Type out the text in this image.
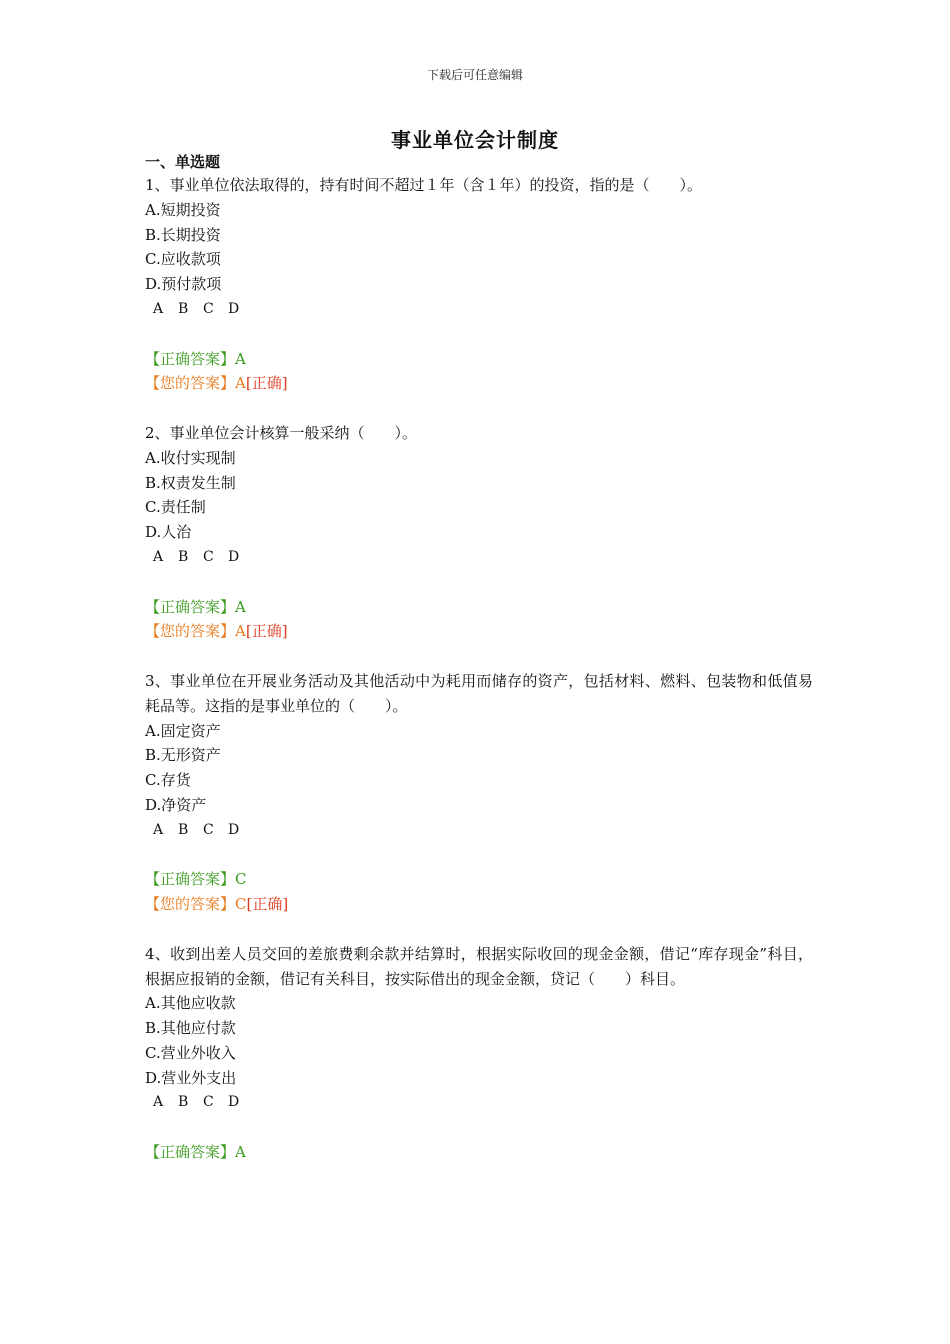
下载后可任意编辑
事业单位会计制度
一、单选题
1、事业单位依法取得的，持有时间不超过１年（含１年）的投资，指的是（　　）。
A.短期投资
B.长期投资
C.应收款项
D.预付款项
A B C D
【正确答案】A
【您的答案】A[正确]
2、事业单位会计核算一般采纳（　　）。
A.收付实现制
B.权责发生制
C.责任制
D.人治
A B C D
【正确答案】A
【您的答案】A[正确]
3、事业单位在开展业务活动及其他活动中为耗用而储存的资产，包括材料、燃料、包装物和低值易耗品等。这指的是事业单位的（　　）。
A.固定资产
B.无形资产
C.存货
D.净资产
A B C D
【正确答案】C
【您的答案】C[正确]
4、收到出差人员交回的差旅费剩余款并结算时，根据实际收回的现金金额，借记“库存现金”科目，根据应报销的金额，借记有关科目，按实际借出的现金金额，贷记（　　）科目。
A.其他应收款
B.其他应付款
C.营业外收入
D.营业外支出
A B C D
【正确答案】A
